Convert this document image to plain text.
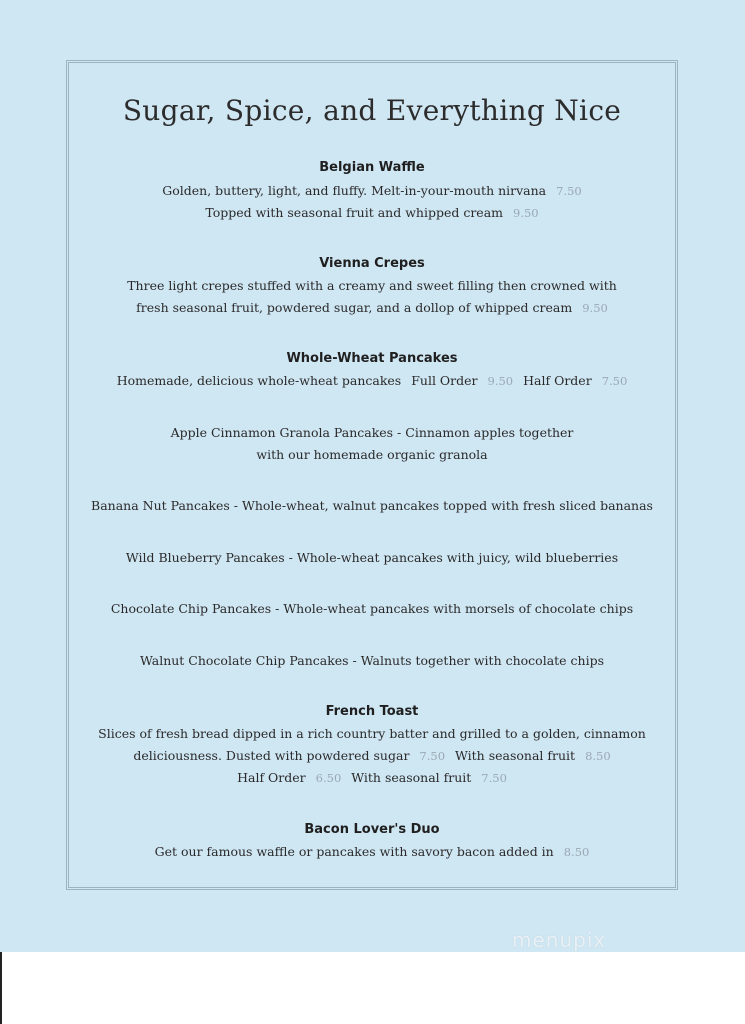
Sugar, Spice, and Everything Nice
Belgian Waffle
Golden, buttery, light, and fluffy. Melt-in-your-mouth nirvana 7.50
Topped with seasonal fruit and whipped cream 9.50
Vienna Crepes
Three light crepes stuffed with a creamy and sweet filling then crowned with
fresh seasonal fruit, powdered sugar, and a dollop of whipped cream 9.50
Whole-Wheat Pancakes
Homemade, delicious whole-wheat pancakes Full Order 9.50 Half Order 7.50
Apple Cinnamon Granola Pancakes - Cinnamon apples together
with our homemade organic granola
Banana Nut Pancakes - Whole-wheat, walnut pancakes topped with fresh sliced bananas
Wild Blueberry Pancakes - Whole-wheat pancakes with juicy, wild blueberries
Chocolate Chip Pancakes - Whole-wheat pancakes with morsels of chocolate chips
Walnut Chocolate Chip Pancakes - Walnuts together with chocolate chips
French Toast
Slices of fresh bread dipped in a rich country batter and grilled to a golden, cinnamon
deliciousness. Dusted with powdered sugar 7.50 With seasonal fruit 8.50
Half Order 6.50 With seasonal fruit 7.50
Bacon Lover's Duo
Get our famous waffle or pancakes with savory bacon added in 8.50
menupix
